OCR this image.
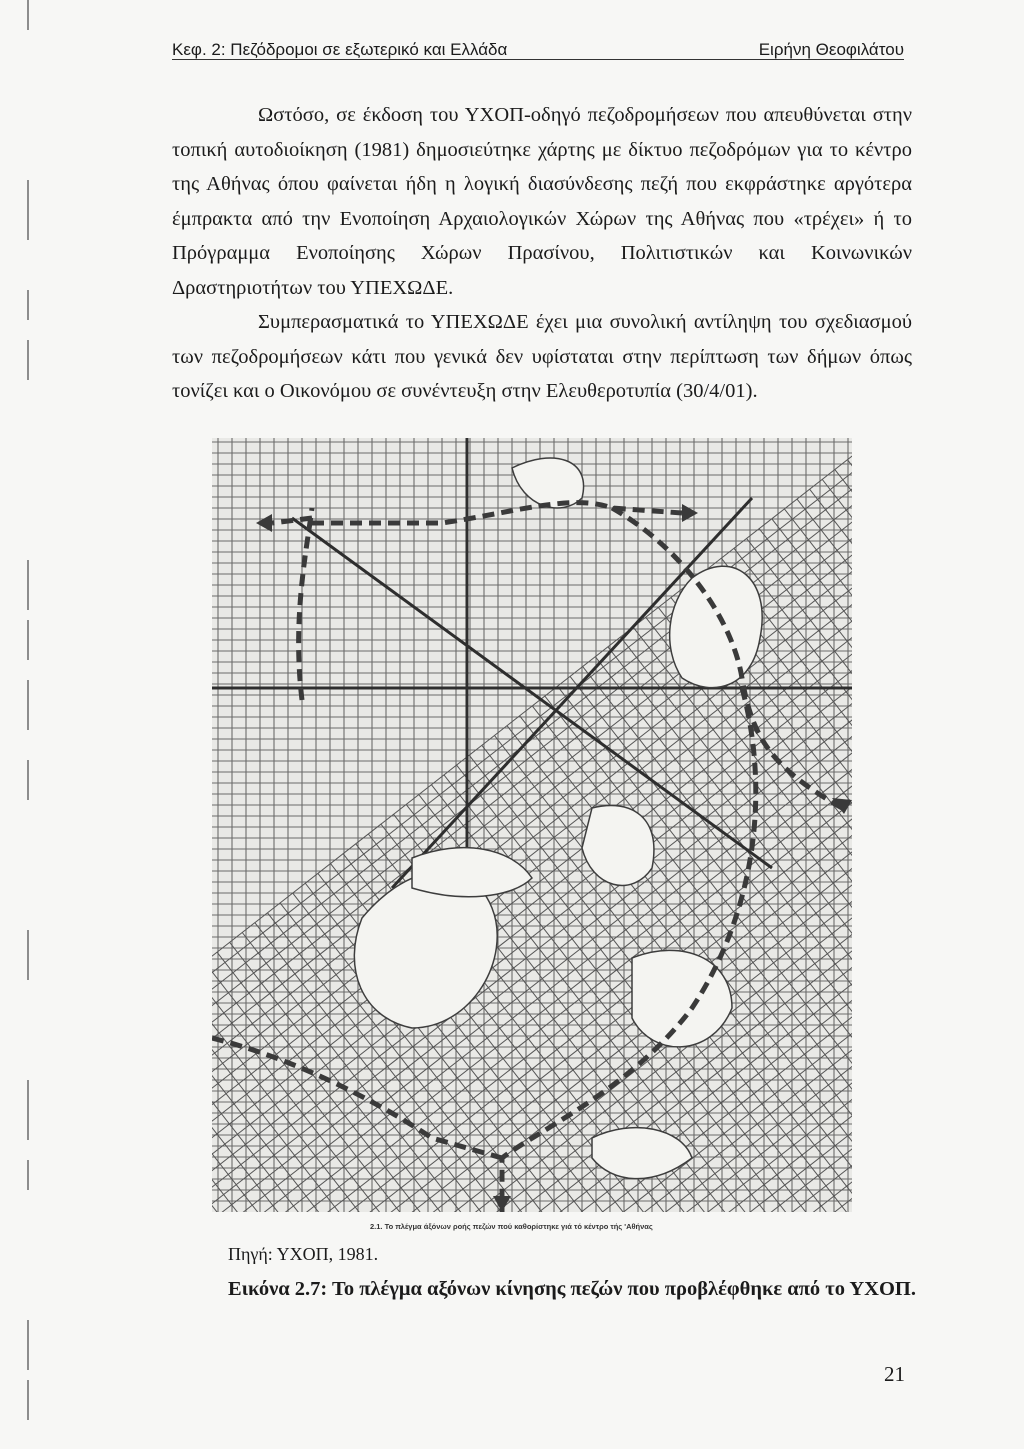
Κεφ. 2: Πεζόδρομοι σε εξωτερικό και Ελλάδα	Ειρήνη Θεοφιλάτου

Ωστόσο, σε έκδοση του ΥΧΟΠ-οδηγό πεζοδρομήσεων που απευθύνεται στην τοπική αυτοδιοίκηση (1981) δημοσιεύτηκε χάρτης με δίκτυο πεζοδρόμων για το κέντρο της Αθήνας όπου φαίνεται ήδη η λογική διασύνδεσης πεζή που εκφράστηκε αργότερα έμπρακτα από την Ενοποίηση Αρχαιολογικών Χώρων της Αθήνας που «τρέχει» ή το Πρόγραμμα Ενοποίησης Χώρων Πρασίνου, Πολιτιστικών και Κοινωνικών Δραστηριοτήτων του ΥΠΕΧΩΔΕ.

Συμπερασματικά το ΥΠΕΧΩΔΕ έχει μια συνολική αντίληψη του σχεδιασμού των πεζοδρομήσεων κάτι που γενικά δεν υφίσταται στην περίπτωση των δήμων όπως τονίζει και ο Οικονόμου σε συνέντευξη στην Ελευθεροτυπία (30/4/01).

2.1. Το πλέγμα άξόνων ροής πεζών πού καθορίστηκε γιά τό κέντρο τής 'Αθήνας
Πηγή: ΥΧΟΠ, 1981.
Εικόνα 2.7: Το πλέγμα αξόνων κίνησης πεζών που προβλέφθηκε από το ΥΧΟΠ.
21
